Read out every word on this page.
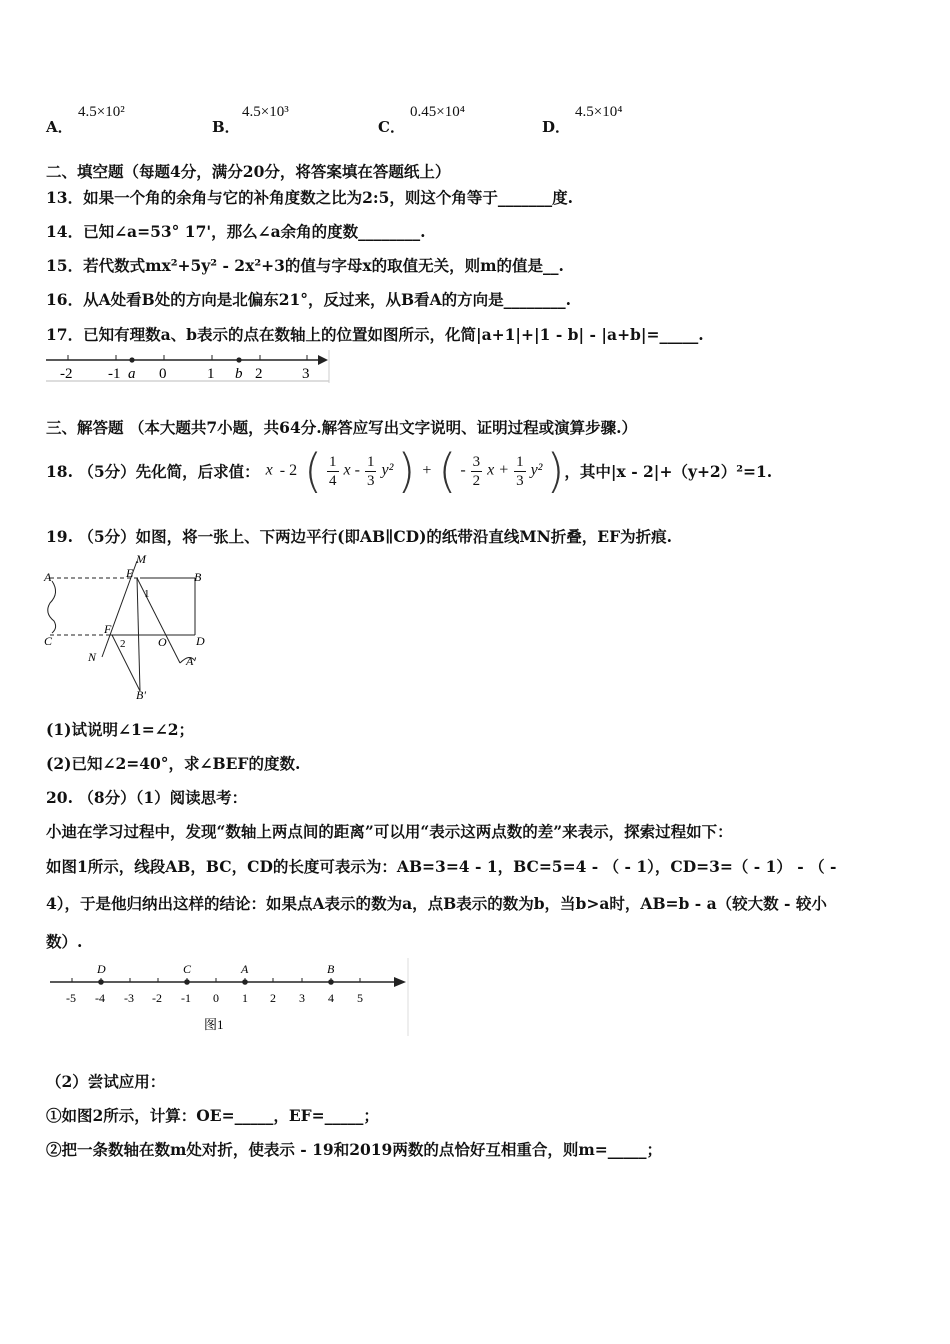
A．
4.5×10²
B．
4.5×10³
C．
0.45×10⁴
D．
4.5×10⁴
二、填空题（每题4分，满分20分，将答案填在答题纸上）
13．如果一个角的余角与它的补角度数之比为2:5，则这个角等于_______度.
14．已知∠a=53° 17'，那么∠a余角的度数________.
15．若代数式mx²+5y² - 2x²+3的值与字母x的取值无关，则m的值是__.
16．从A处看B处的方向是北偏东21°，反过来，从B看A的方向是________.
17．已知有理数a、b表示的点在数轴上的位置如图所示，化简|a+1|+|1 - b| - |a+b|=_____.
-2 -1	0	1	2	3
a	b
三、解答题 （本大题共7小题，共64分.解答应写出文字说明、证明过程或演算步骤.）
18. （5分）先化简，后求值： x - 2 ( $\frac{1}{4}$ x - $\frac{1}{3} y^2$ ) + ( - $\frac{3}{2}$ $x + \frac{1}{3} y^2$ ) ，其中|x - 2|+（y+2）²=1.
19. （5分）如图，将一张上、下两边平行(即AB∥CD)的纸带沿直线MN折叠，EF为折痕.
A	B
C	D
E
F
M
N
O
A'
B'
1
2
(1)试说明∠1=∠2；
(2)已知∠2=40°，求∠BEF的度数.
20. （8分）（1）阅读思考：
小迪在学习过程中，发现“数轴上两点间的距离”可以用“表示这两点数的差”来表示，探索过程如下：
如图1所示，线段AB，BC，CD的长度可表示为：AB=3=4 - 1，BC=5=4 - （ - 1），CD=3=（ - 1） - （ -
4），于是他归纳出这样的结论：如果点A表示的数为a，点B表示的数为b，当b>a时，AB=b - a（较大数 - 较小
数）.
D	C	A	B
-5 -4 -3 -2 -1 0 1 2 3 4 5
图1
（2）尝试应用：
①如图2所示，计算：OE=_____，EF=_____；
②把一条数轴在数m处对折，使表示 - 19和2019两数的点恰好互相重合，则m=_____；
